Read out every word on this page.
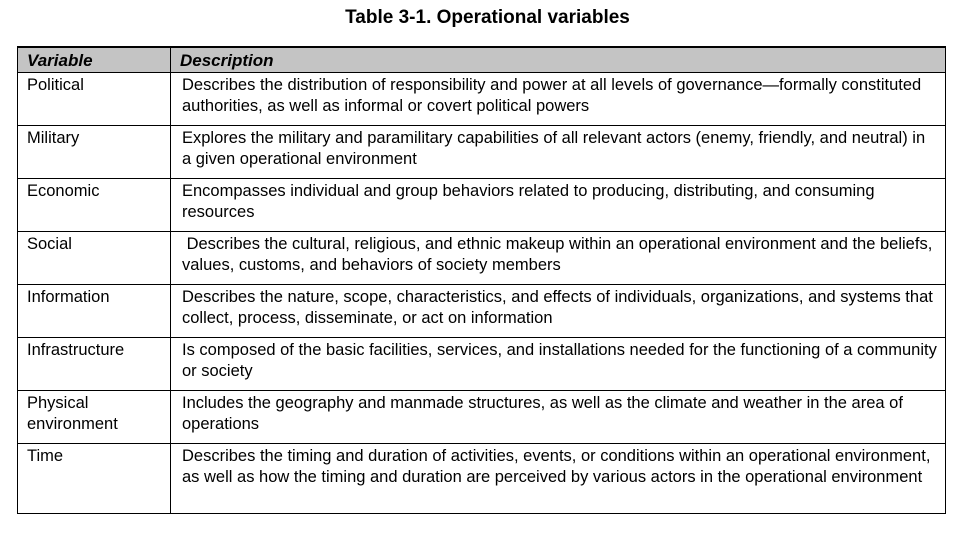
Table 3-1. Operational variables
Variable	Description
Political	Describes the distribution of responsibility and power at all levels of governance—formally constituted authorities, as well as informal or covert political powers
Military	Explores the military and paramilitary capabilities of all relevant actors (enemy, friendly, and neutral) in a given operational environment
Economic	Encompasses individual and group behaviors related to producing, distributing, and consuming resources
Social	Describes the cultural, religious, and ethnic makeup within an operational environment and the beliefs, values, customs, and behaviors of society members
Information	Describes the nature, scope, characteristics, and effects of individuals, organizations, and systems that collect, process, disseminate, or act on information
Infrastructure	Is composed of the basic facilities, services, and installations needed for the functioning of a community or society
Physical environment	Includes the geography and manmade structures, as well as the climate and weather in the area of operations
Time	Describes the timing and duration of activities, events, or conditions within an operational environment, as well as how the timing and duration are perceived by various actors in the operational environment
